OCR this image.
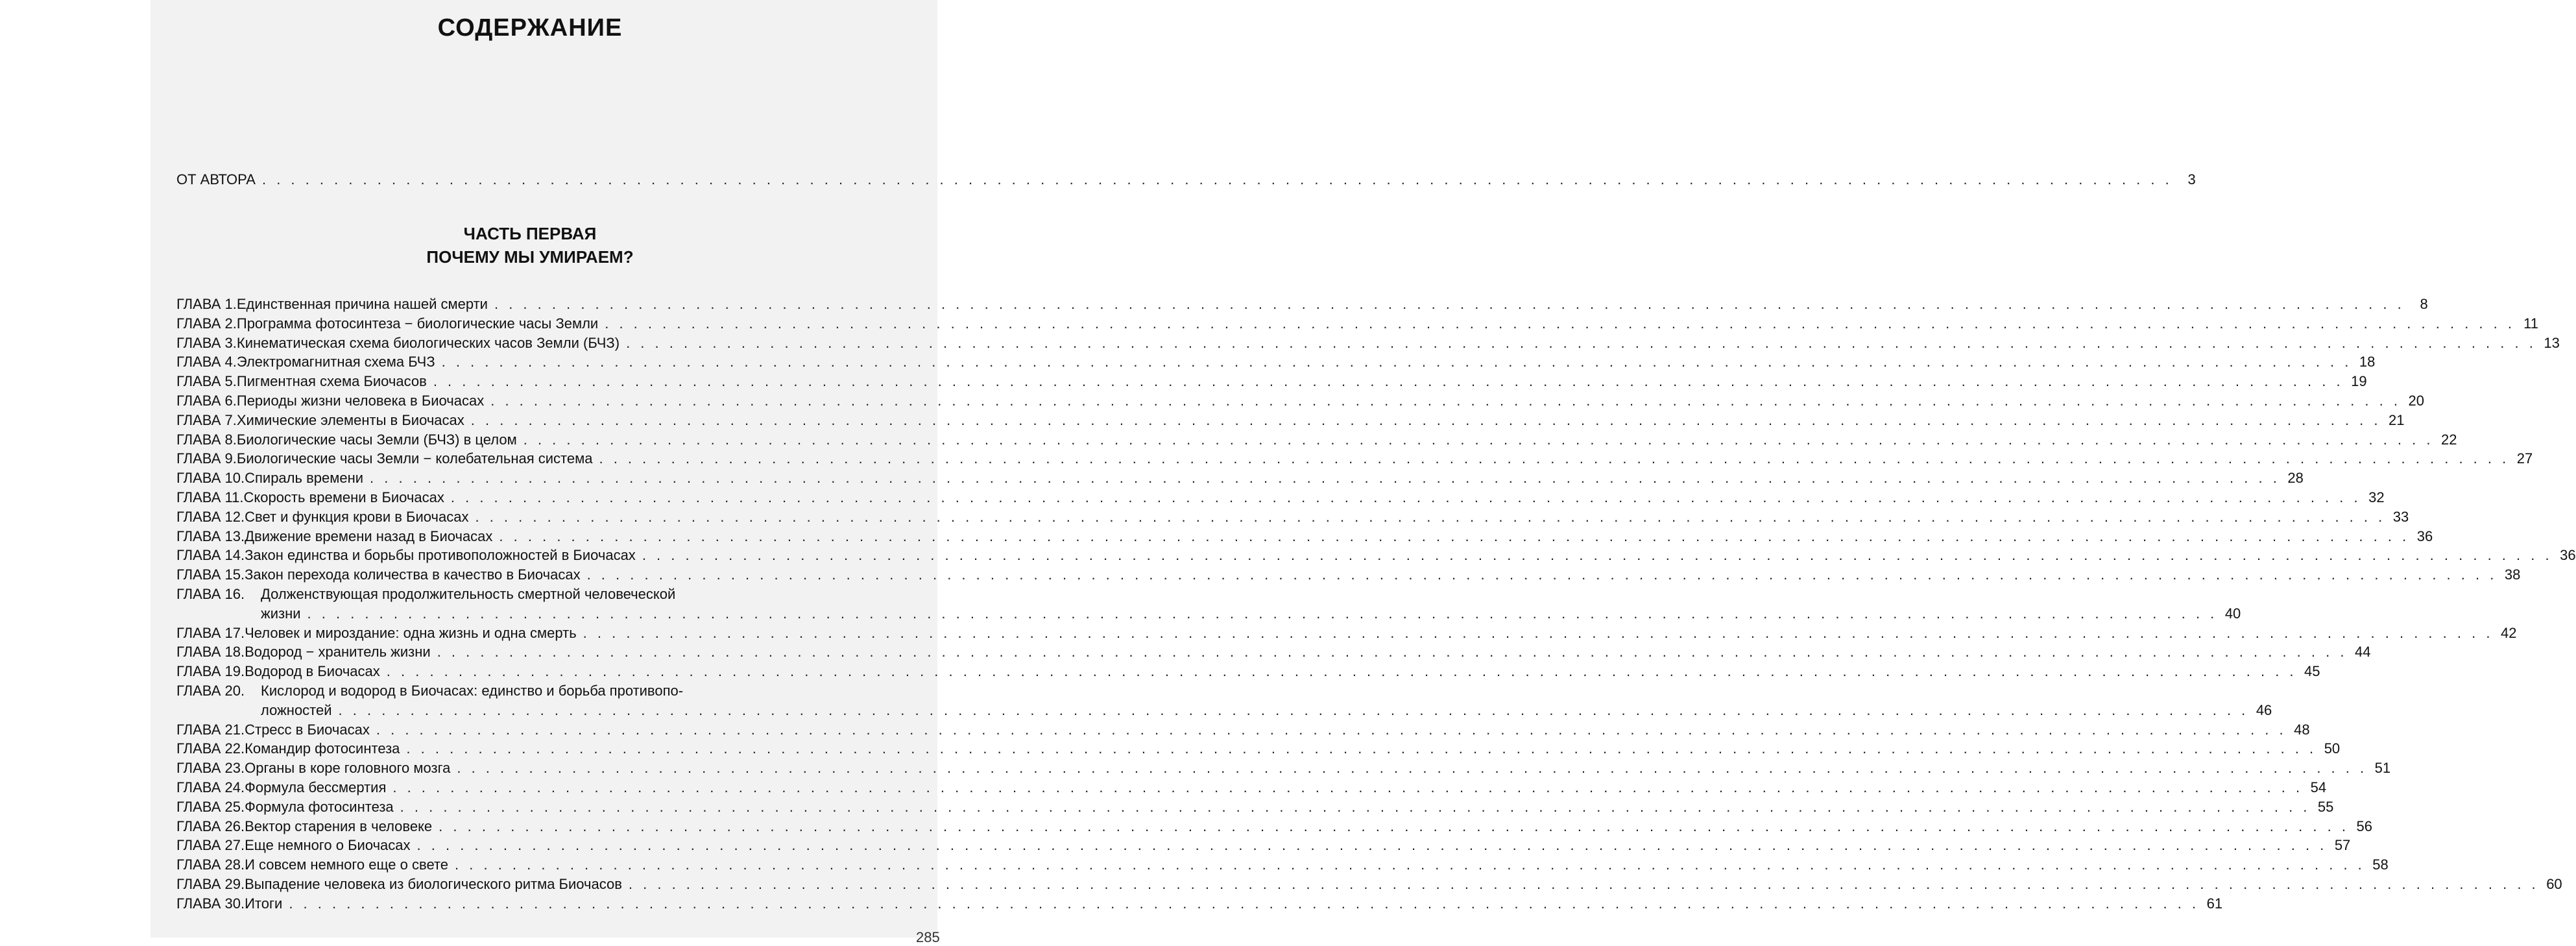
СОДЕРЖАНИЕ
ОТ АВТОРА . . .	3
ЧАСТЬ ПЕРВАЯ
ПОЧЕМУ МЫ УМИРАЕМ?
ГЛАВА 1. Единственная причина нашей смерти . . .	8
ГЛАВА 2. Программа фотосинтеза − биологические часы Земли . . .	11
ГЛАВА 3. Кинематическая схема биологических часов Земли (БЧЗ) . . .	13
ГЛАВА 4. Электромагнитная схема БЧЗ . . .	18
ГЛАВА 5. Пигментная схема Биочасов . . .	19
ГЛАВА 6. Периоды жизни человека в Биочасах . . .	20
ГЛАВА 7. Химические элементы в Биочасах . . .	21
ГЛАВА 8. Биологические часы Земли (БЧЗ) в целом . . .	22
ГЛАВА 9. Биологические часы Земли − колебательная система . . .	27
ГЛАВА 10. Спираль времени . . .	28
ГЛАВА 11. Скорость времени в Биочасах . . .	32
ГЛАВА 12. Свет и функция крови в Биочасах . . .	33
ГЛАВА 13. Движение времени назад в Биочасах . . .	36
ГЛАВА 14. Закон единства и борьбы противоположностей в Биочасах . . .	36
ГЛАВА 15. Закон перехода количества в качество в Биочасах . . .	38
ГЛАВА 16.	Долженствующая продолжительность смертной человеческой
жизни . . .	40
ГЛАВА 17. Человек и мироздание: одна жизнь и одна смерть . . .	42
ГЛАВА 18. Водород − хранитель жизни . . .	44
ГЛАВА 19. Водород в Биочасах . . .	45
ГЛАВА 20.	Кислород и водород в Биочасах: единство и борьба противопо-
ложностей . . .	46
ГЛАВА 21. Стресс в Биочасах . . .	48
ГЛАВА 22. Командир фотосинтеза . . .	50
ГЛАВА 23. Органы в коре головного мозга . . .	51
ГЛАВА 24. Формула бессмертия . . .	54
ГЛАВА 25. Формула фотосинтеза . . .	55
ГЛАВА 26. Вектор старения в человеке . . .	56
ГЛАВА 27. Еще немного о Биочасах . . .	57
ГЛАВА 28. И совсем немного еще о свете . . .	58
ГЛАВА 29. Выпадение человека из биологического ритма Биочасов . . .	60
ГЛАВА 30. Итоги . . .	61
285
